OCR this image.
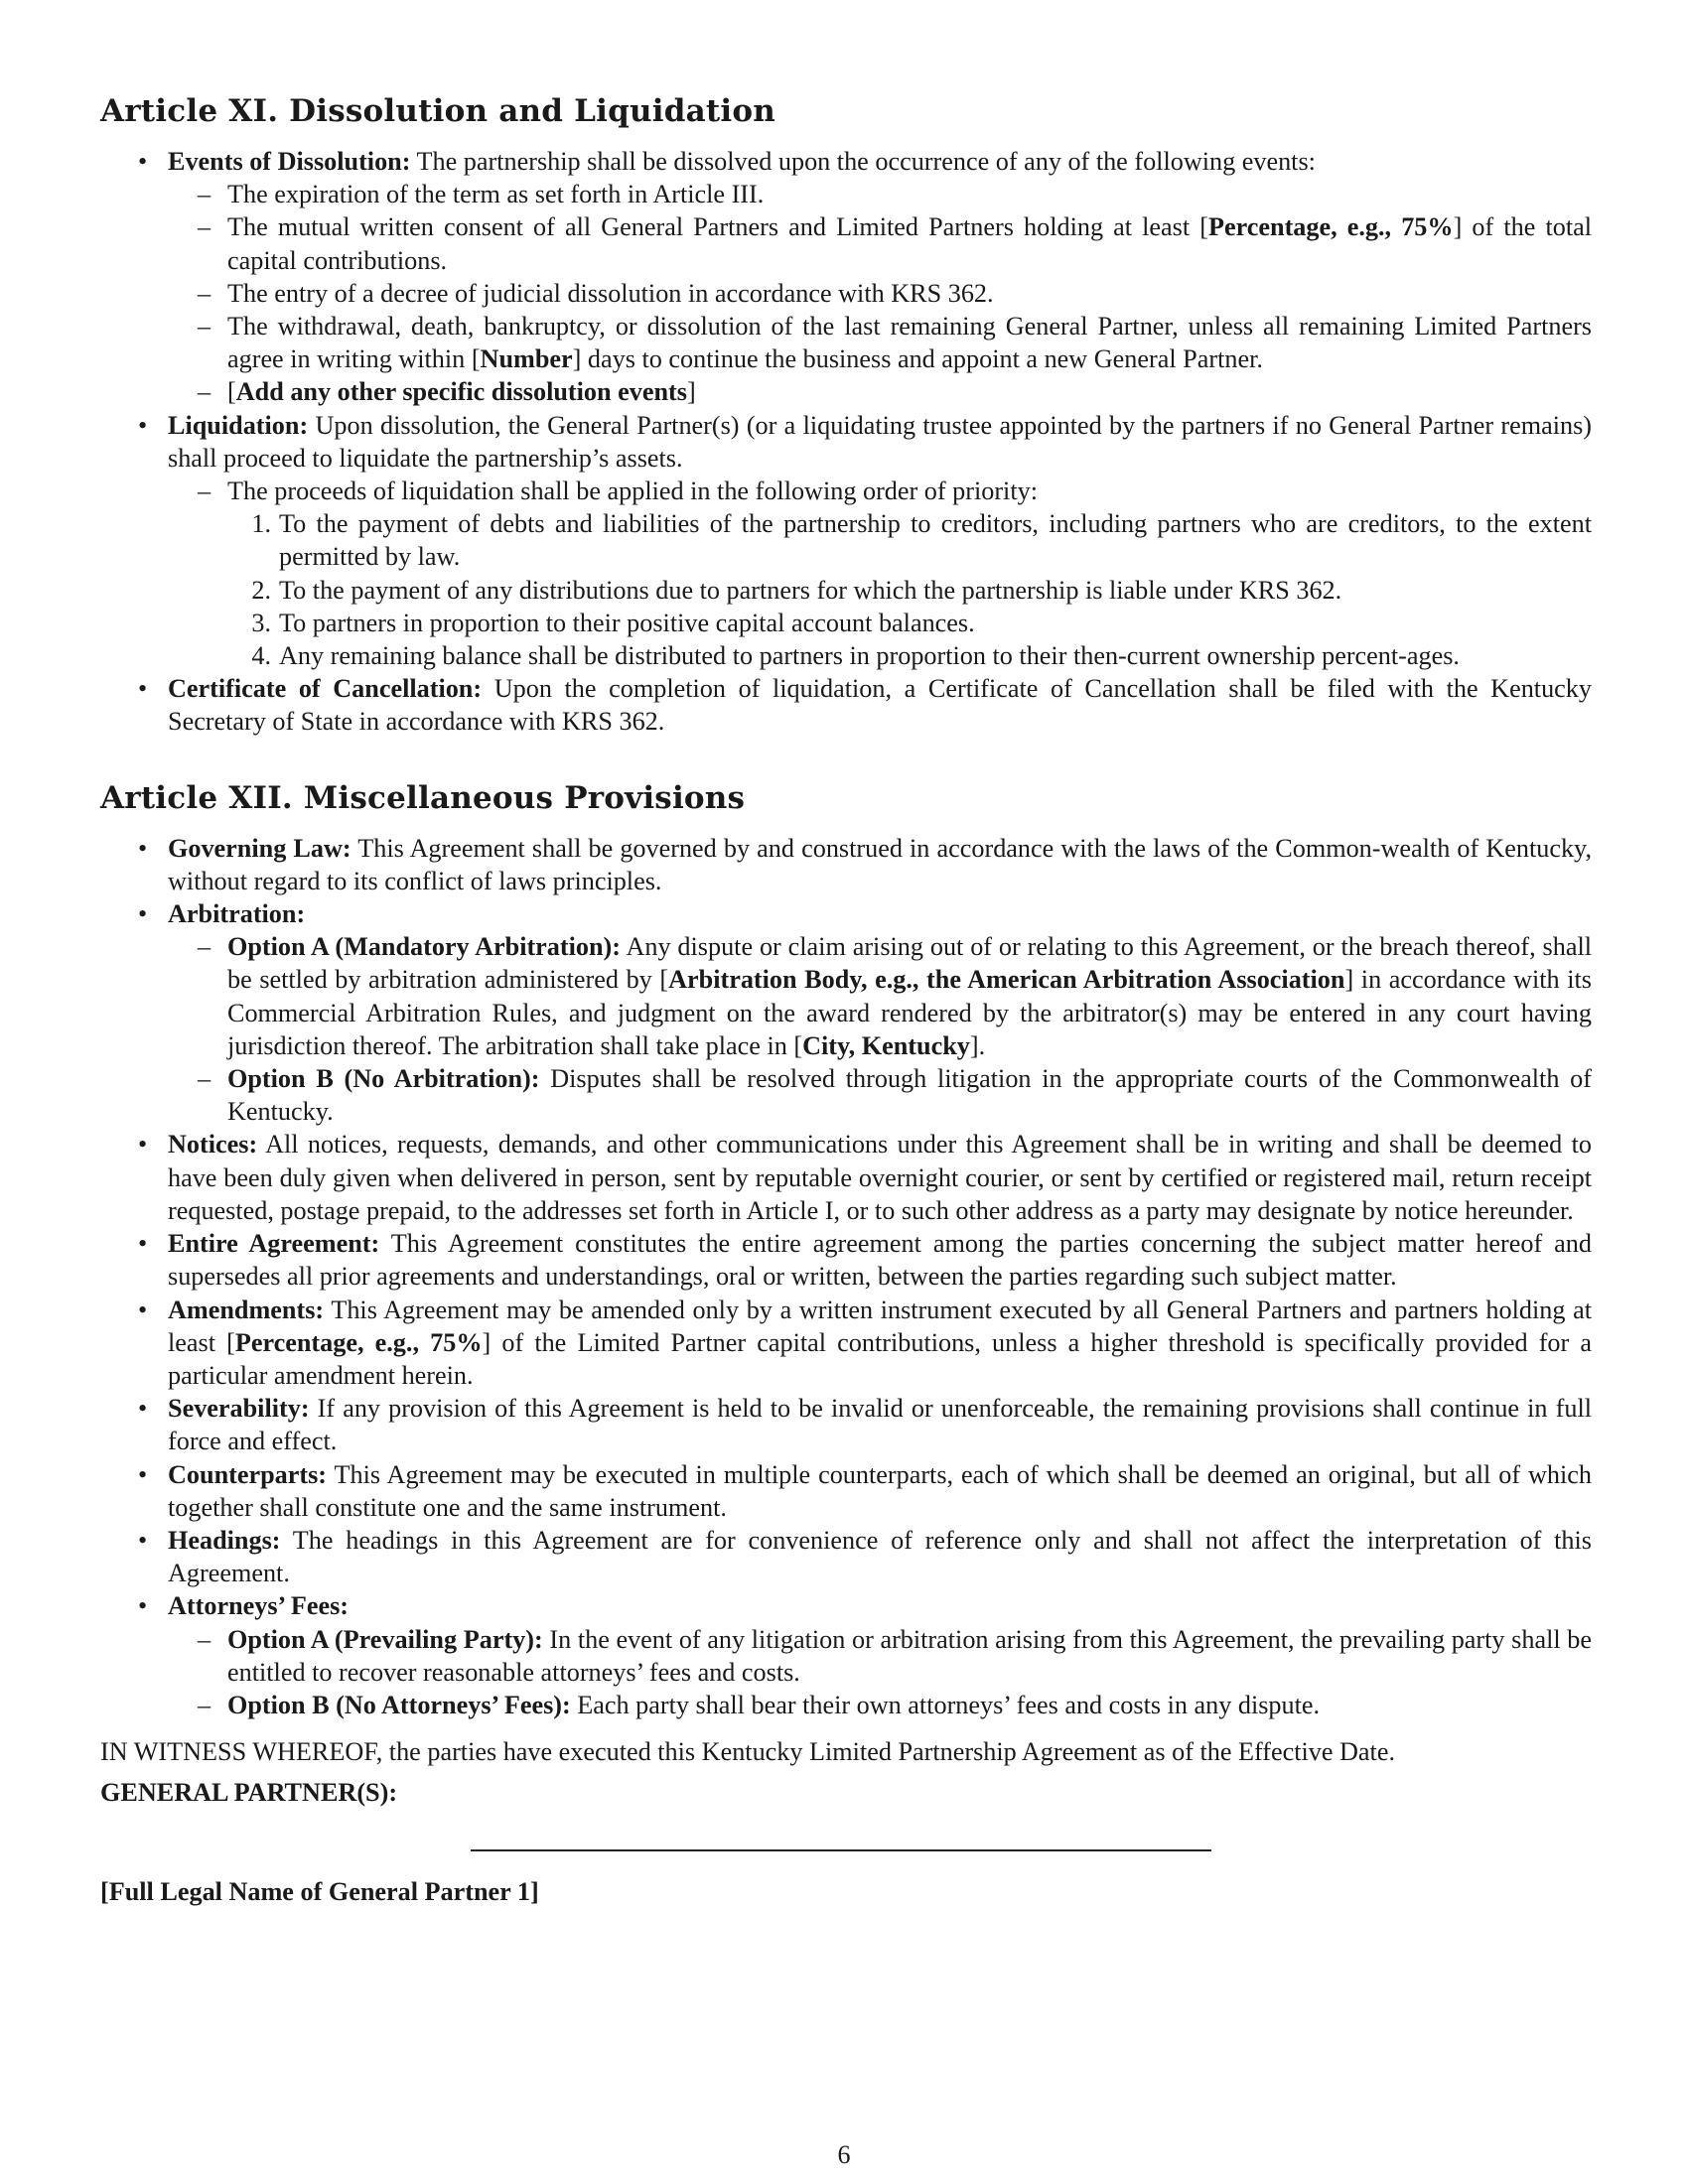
Article XI. Dissolution and Liquidation
• Events of Dissolution: The partnership shall be dissolved upon the occurrence of any of the following events:
– The expiration of the term as set forth in Article III.
– The mutual written consent of all General Partners and Limited Partners holding at least [Percentage, e.g., 75%] of the total capital contributions.
– The entry of a decree of judicial dissolution in accordance with KRS 362.
– The withdrawal, death, bankruptcy, or dissolution of the last remaining General Partner, unless all remaining Limited Partners agree in writing within [Number] days to continue the business and appoint a new General Partner.
– [Add any other specific dissolution events]
• Liquidation: Upon dissolution, the General Partner(s) (or a liquidating trustee appointed by the partners if no General Partner remains) shall proceed to liquidate the partnership’s assets.
– The proceeds of liquidation shall be applied in the following order of priority:
1. To the payment of debts and liabilities of the partnership to creditors, including partners who are creditors, to the extent permitted by law.
2. To the payment of any distributions due to partners for which the partnership is liable under KRS 362.
3. To partners in proportion to their positive capital account balances.
4. Any remaining balance shall be distributed to partners in proportion to their then-current ownership percent-ages.
• Certificate of Cancellation: Upon the completion of liquidation, a Certificate of Cancellation shall be filed with the Kentucky Secretary of State in accordance with KRS 362.
Article XII. Miscellaneous Provisions
• Governing Law: This Agreement shall be governed by and construed in accordance with the laws of the Common-wealth of Kentucky, without regard to its conflict of laws principles.
• Arbitration:
– Option A (Mandatory Arbitration): Any dispute or claim arising out of or relating to this Agreement, or the breach thereof, shall be settled by arbitration administered by [Arbitration Body, e.g., the American Arbitration Association] in accordance with its Commercial Arbitration Rules, and judgment on the award rendered by the arbitrator(s) may be entered in any court having jurisdiction thereof. The arbitration shall take place in [City, Kentucky].
– Option B (No Arbitration): Disputes shall be resolved through litigation in the appropriate courts of the Commonwealth of Kentucky.
• Notices: All notices, requests, demands, and other communications under this Agreement shall be in writing and shall be deemed to have been duly given when delivered in person, sent by reputable overnight courier, or sent by certified or registered mail, return receipt requested, postage prepaid, to the addresses set forth in Article I, or to such other address as a party may designate by notice hereunder.
• Entire Agreement: This Agreement constitutes the entire agreement among the parties concerning the subject matter hereof and supersedes all prior agreements and understandings, oral or written, between the parties regarding such subject matter.
• Amendments: This Agreement may be amended only by a written instrument executed by all General Partners and partners holding at least [Percentage, e.g., 75%] of the Limited Partner capital contributions, unless a higher threshold is specifically provided for a particular amendment herein.
• Severability: If any provision of this Agreement is held to be invalid or unenforceable, the remaining provisions shall continue in full force and effect.
• Counterparts: This Agreement may be executed in multiple counterparts, each of which shall be deemed an original, but all of which together shall constitute one and the same instrument.
• Headings: The headings in this Agreement are for convenience of reference only and shall not affect the interpretation of this Agreement.
• Attorneys’ Fees:
– Option A (Prevailing Party): In the event of any litigation or arbitration arising from this Agreement, the prevailing party shall be entitled to recover reasonable attorneys’ fees and costs.
– Option B (No Attorneys’ Fees): Each party shall bear their own attorneys’ fees and costs in any dispute.
IN WITNESS WHEREOF, the parties have executed this Kentucky Limited Partnership Agreement as of the Effective Date.
GENERAL PARTNER(S):
[Full Legal Name of General Partner 1]
6
